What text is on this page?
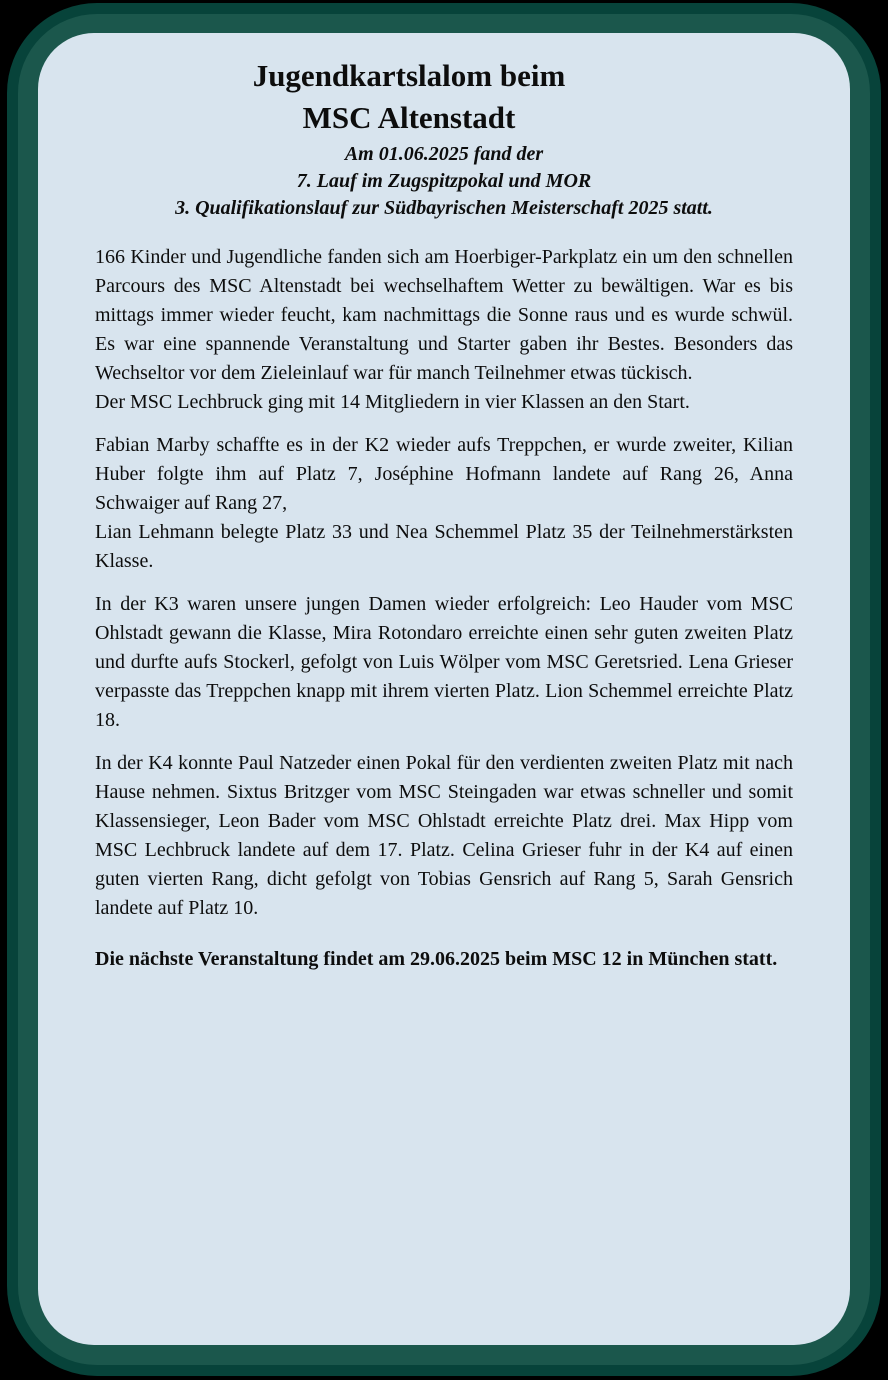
Jugendkartslalom beim
MSC Altenstadt
Am 01.06.2025 fand der
7. Lauf im Zugspitzpokal und MOR
3. Qualifikationslauf zur Südbayrischen Meisterschaft 2025 statt.

166 Kinder und Jugendliche fanden sich am Hoerbiger-Parkplatz ein um den schnellen Parcours des MSC Altenstadt bei wechselhaftem Wetter zu bewältigen. War es bis mittags immer wieder feucht, kam nachmittags die Sonne raus und es wurde schwül. Es war eine spannende Veranstaltung und Starter gaben ihr Bestes. Besonders das Wechseltor vor dem Zieleinlauf war für manch Teilnehmer etwas tückisch.
Der MSC Lechbruck ging mit 14 Mitgliedern in vier Klassen an den Start.

Fabian Marby schaffte es in der K2 wieder aufs Treppchen, er wurde zweiter, Kilian Huber folgte ihm auf Platz 7, Joséphine Hofmann landete auf Rang 26, Anna Schwaiger auf Rang 27,
Lian Lehmann belegte Platz 33 und Nea Schemmel Platz 35 der Teilnehmerstärksten Klasse.

In der K3 waren unsere jungen Damen wieder erfolgreich: Leo Hauder vom MSC Ohlstadt gewann die Klasse, Mira Rotondaro erreichte einen sehr guten zweiten Platz und durfte aufs Stockerl, gefolgt von Luis Wölper vom MSC Geretsried. Lena Grieser verpasste das Treppchen knapp mit ihrem vierten Platz. Lion Schemmel erreichte Platz 18.

In der K4 konnte Paul Natzeder einen Pokal für den verdienten zweiten Platz mit nach Hause nehmen. Sixtus Britzger vom MSC Steingaden war etwas schneller und somit Klassensieger, Leon Bader vom MSC Ohlstadt erreichte Platz drei. Max Hipp vom MSC Lechbruck landete auf dem 17. Platz. Celina Grieser fuhr in der K4 auf einen guten vierten Rang, dicht gefolgt von Tobias Gensrich auf Rang 5, Sarah Gensrich landete auf Platz 10.

Die nächste Veranstaltung findet am 29.06.2025 beim MSC 12 in München statt.
